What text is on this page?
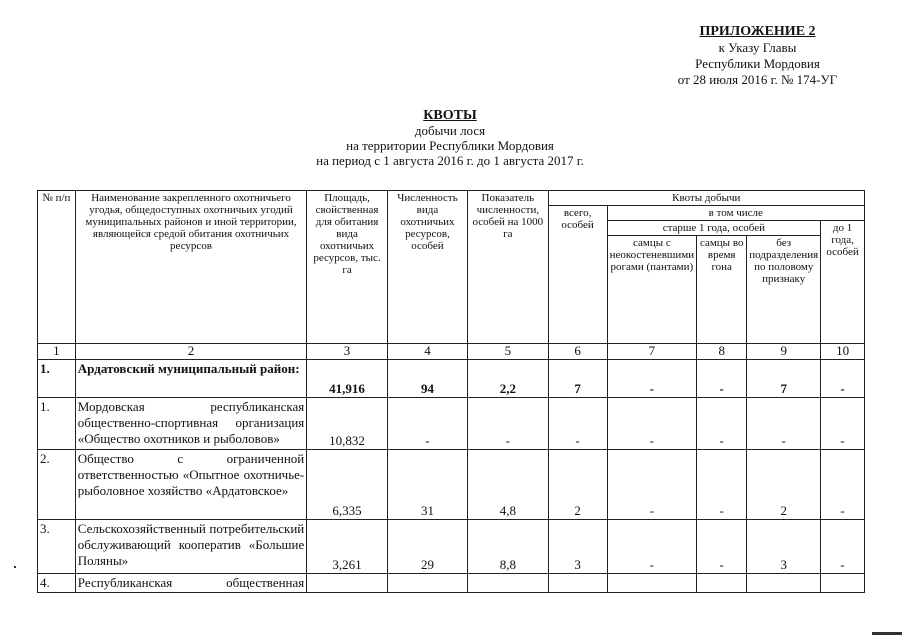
ПРИЛОЖЕНИЕ 2
к Указу Главы
Республики Мордовия
от 28 июля 2016 г. № 174-УГ
КВОТЫ
добычи лося
на территории Республики Мордовия
на период с 1 августа 2016 г. до 1 августа 2017 г.
№ п/п	Наименование закрепленного охотничьего угодья, общедоступных охотничьих угодий муниципальных районов и иной территории, являющейся средой обитания охотничьих ресурсов	Площадь, свойственная для обитания вида охотничьих ресурсов, тыс. га	Численность вида охотничьих ресурсов, особей	Показатель численности, особей на 1000 га	Квоты добычи				
					всего, особей	в том числе			
						старше 1 года, особей			до 1 года, особей
						самцы с неокостеневшими рогами (пантами)	самцы во время гона	без подразделения по половому признаку	
1	2	3	4	5	6	7	8	9	10
1.	Ардатовский муниципальный район:	41,916	94	2,2	7	-	-	7	-
1.	Мордовская республиканская общественно-спортивная организация «Общество охотников и рыболовов»	10,832	-	-	-	-	-	-	-
2.	Общество с ограниченной ответственностью «Опытное охотничье-рыболовное хозяйство «Ардатовское»	6,335	31	4,8	2	-	-	2	-
3.	Сельскохозяйственный потребительский обслуживающий кооператив «Большие Поляны»	3,261	29	8,8	3	-	-	3	-
4.	Республиканская общественная								
